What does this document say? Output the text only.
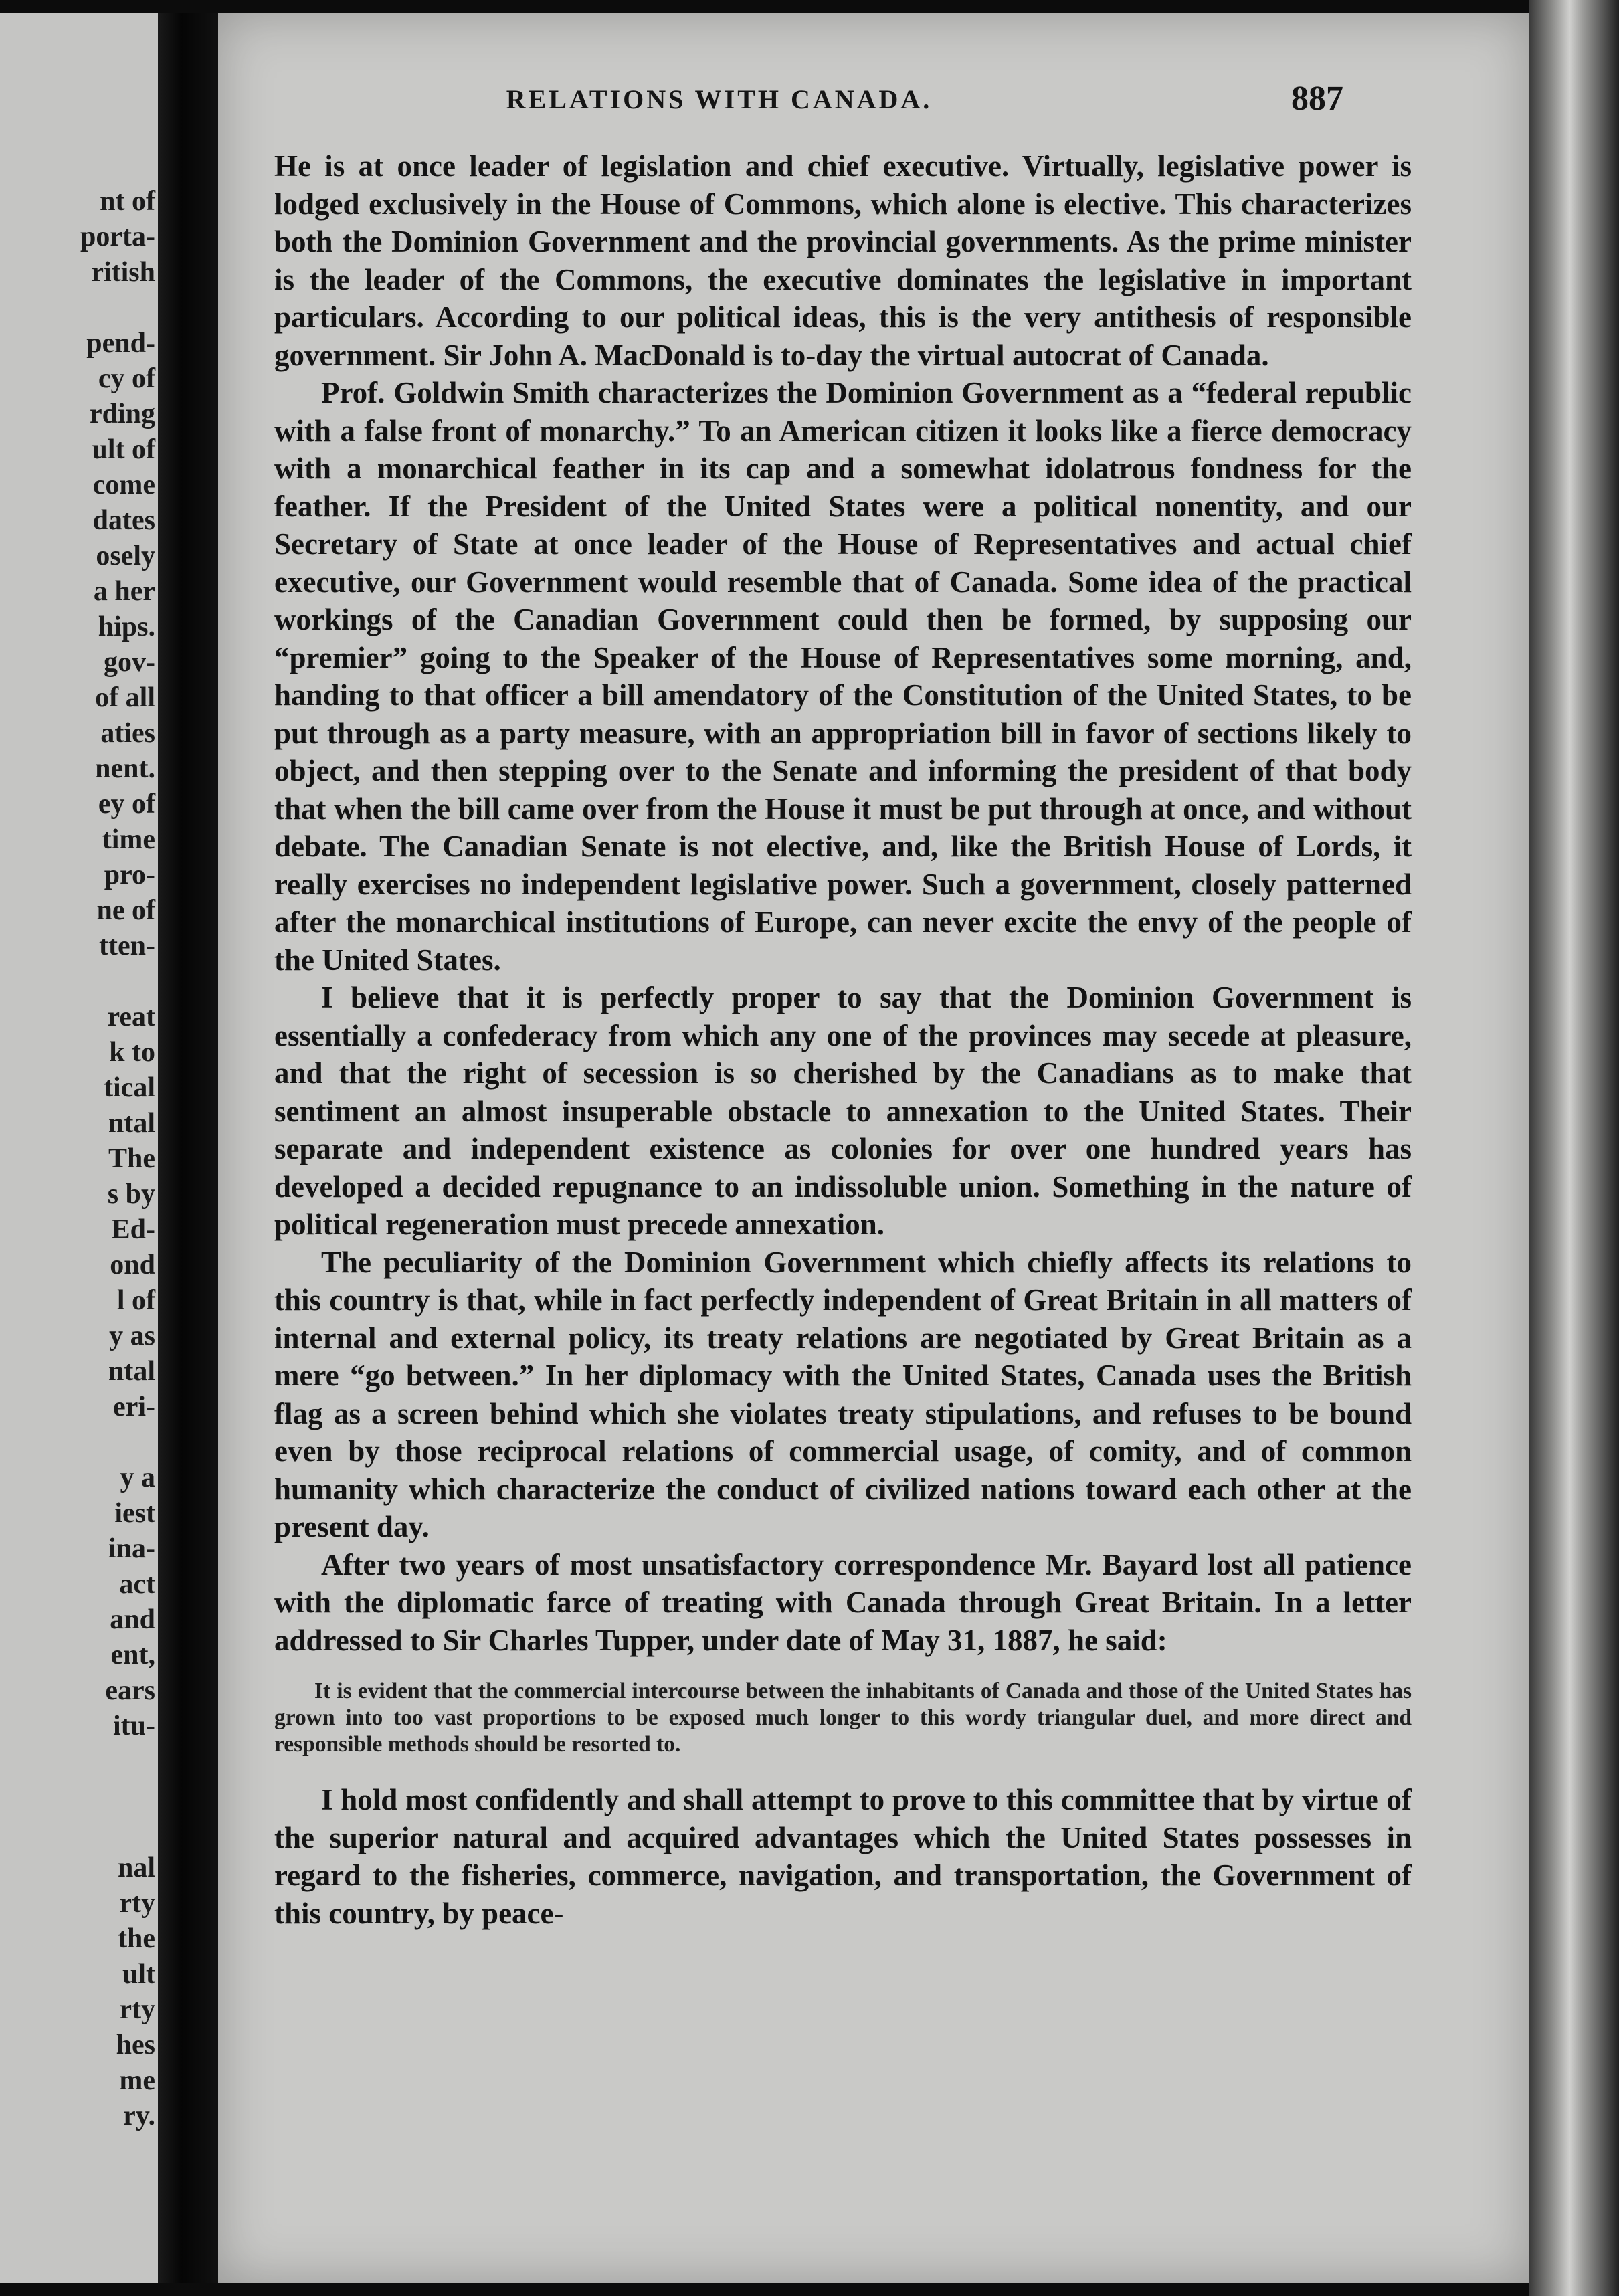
nt of
porta-
ritish
pend-
cy of
rding
ult of
come
dates
osely
a her
hips.
gov-
of all
aties
nent.
ey of
time
pro-
ne of
tten-
reat
k to
tical
ntal
The
s by
Ed-
ond
l of
y as
ntal
eri-
y a
iest
ina-
act
and
ent,
ears
itu-
nal
rty
the
ult
rty
hes
me
ry.
RELATIONS WITH CANADA.	887

He is at once leader of legislation and chief executive. Virtually, legislative power is lodged exclusively in the House of Commons, which alone is elective. This characterizes both the Dominion Government and the provincial governments. As the prime minister is the leader of the Commons, the executive dominates the legislative in important particulars. According to our political ideas, this is the very antithesis of responsible government. Sir John A. MacDonald is to-day the virtual autocrat of Canada.

Prof. Goldwin Smith characterizes the Dominion Government as a “federal republic with a false front of monarchy.” To an American citizen it looks like a fierce democracy with a monarchical feather in its cap and a somewhat idolatrous fondness for the feather. If the President of the United States were a political nonentity, and our Secretary of State at once leader of the House of Representatives and actual chief executive, our Government would resemble that of Canada. Some idea of the practical workings of the Canadian Government could then be formed, by supposing our “premier” going to the Speaker of the House of Representatives some morning, and, handing to that officer a bill amendatory of the Constitution of the United States, to be put through as a party measure, with an appropriation bill in favor of sections likely to object, and then stepping over to the Senate and informing the president of that body that when the bill came over from the House it must be put through at once, and without debate. The Canadian Senate is not elective, and, like the British House of Lords, it really exercises no independent legislative power. Such a government, closely patterned after the monarchical institutions of Europe, can never excite the envy of the people of the United States.

I believe that it is perfectly proper to say that the Dominion Government is essentially a confederacy from which any one of the provinces may secede at pleasure, and that the right of secession is so cherished by the Canadians as to make that sentiment an almost insuperable obstacle to annexation to the United States. Their separate and independent existence as colonies for over one hundred years has developed a decided repugnance to an indissoluble union. Something in the nature of political regeneration must precede annexation.

The peculiarity of the Dominion Government which chiefly affects its relations to this country is that, while in fact perfectly independent of Great Britain in all matters of internal and external policy, its treaty relations are negotiated by Great Britain as a mere “go between.” In her diplomacy with the United States, Canada uses the British flag as a screen behind which she violates treaty stipulations, and refuses to be bound even by those reciprocal relations of commercial usage, of comity, and of common humanity which characterize the conduct of civilized nations toward each other at the present day.

After two years of most unsatisfactory correspondence Mr. Bayard lost all patience with the diplomatic farce of treating with Canada through Great Britain. In a letter addressed to Sir Charles Tupper, under date of May 31, 1887, he said:

It is evident that the commercial intercourse between the inhabitants of Canada and those of the United States has grown into too vast proportions to be exposed much longer to this wordy triangular duel, and more direct and responsible methods should be resorted to.

I hold most confidently and shall attempt to prove to this committee that by virtue of the superior natural and acquired advantages which the United States possesses in regard to the fisheries, commerce, navigation, and transportation, the Government of this country, by peace-
